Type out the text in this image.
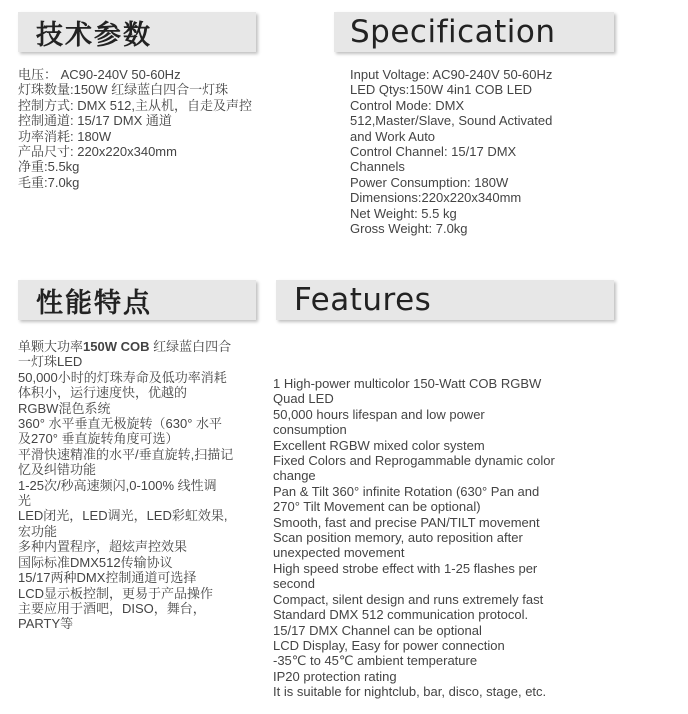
技术参数	Specification
电压： AC90-240V 50-60Hz
灯珠数量:150W 红绿蓝白四合一灯珠
控制方式: DMX 512,主从机，自走及声控
控制通道: 15/17 DMX 通道
功率消耗: 180W
产品尺寸: 220x220x340mm
净重:5.5kg
毛重:7.0kg
Input Voltage: AC90-240V 50-60Hz
LED Qtys:150W 4in1 COB LED
Control Mode: DMX
512,Master/Slave, Sound Activated
and Work Auto
Control Channel: 15/17 DMX
Channels
Power Consumption: 180W
Dimensions:220x220x340mm
Net Weight: 5.5 kg
Gross Weight: 7.0kg
性能特点	Features
单颗大功率150W COB 红绿蓝白四合
一灯珠LED
50,000小时的灯珠寿命及低功率消耗
体积小，运行速度快，优越的
RGBW混色系统
360° 水平垂直无极旋转（630° 水平
及270° 垂直旋转角度可选）
平滑快速精准的水平/垂直旋转,扫描记
忆及纠错功能
1-25次/秒高速频闪,0-100% 线性调
光
LED闭光，LED调光，LED彩虹效果,
宏功能
多种内置程序，超炫声控效果
国际标准DMX512传输协议
15/17两种DMX控制通道可选择
LCD显示板控制，更易于产品操作
主要应用于酒吧，DISO，舞台，
PARTY等
1 High-power multicolor 150-Watt COB RGBW
Quad LED
50,000 hours lifespan and low power
consumption
Excellent RGBW mixed color system
Fixed Colors and Reprogammable dynamic color
change
Pan & Tilt 360° infinite Rotation (630° Pan and
270° Tilt Movement can be optional)
Smooth, fast and precise PAN/TILT movement
Scan position memory, auto reposition after
unexpected movement
High speed strobe effect with 1-25 flashes per
second
Compact, silent design and runs extremely fast
Standard DMX 512 communication protocol.
15/17 DMX Channel can be optional
LCD Display, Easy for power connection
-35℃ to 45℃ ambient temperature
IP20 protection rating
It is suitable for nightclub, bar, disco, stage, etc.
